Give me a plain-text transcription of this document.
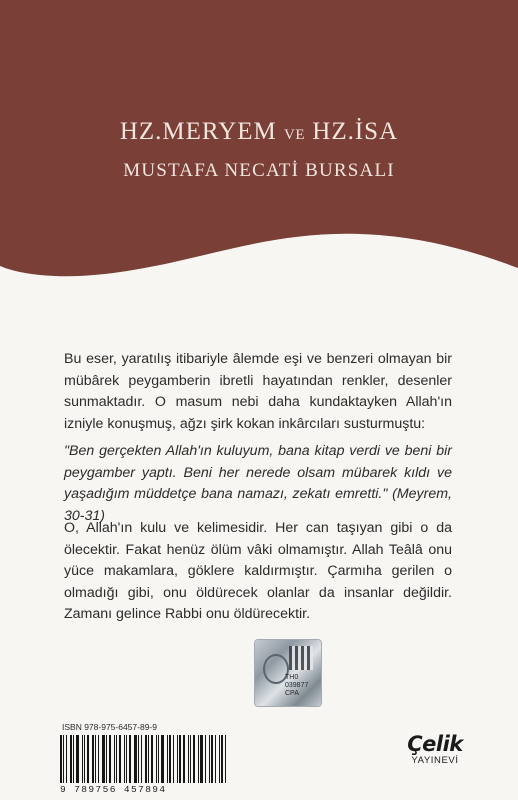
HZ.MERYEM VE HZ.İSA
MUSTAFA NECATİ BURSALI

Bu eser, yaratılış itibariyle âlemde eşi ve benzeri olmayan bir mübârek peygamberin ibretli hayatından renkler, desenler sunmaktadır. O masum nebi daha kundaktayken Allah'ın izniyle konuşmuş, ağzı şirk kokan inkârcıları susturmuştu:

"Ben gerçekten Allah'ın kuluyum, bana kitap verdi ve beni bir peygamber yaptı. Beni her nerede olsam mübarek kıldı ve yaşadığım müddetçe bana namazı, zekatı emretti." (Meyrem, 30-31)

O, Allah'ın kulu ve kelimesidir. Her can taşıyan gibi o da ölecektir. Fakat henüz ölüm vâki olmamıştır. Allah Teâlâ onu yüce makamlara, göklere kaldırmıştır. Çarmıha gerilen o olmadığı gibi, onu öldürecek olanlar da insanlar değildir. Zamanı gelince Rabbi onu öldürecektir.

TH0
039877
CPA
ISBN 978-975-6457-89-9
9 789756 457894
Çelik
YAYINEVİ
